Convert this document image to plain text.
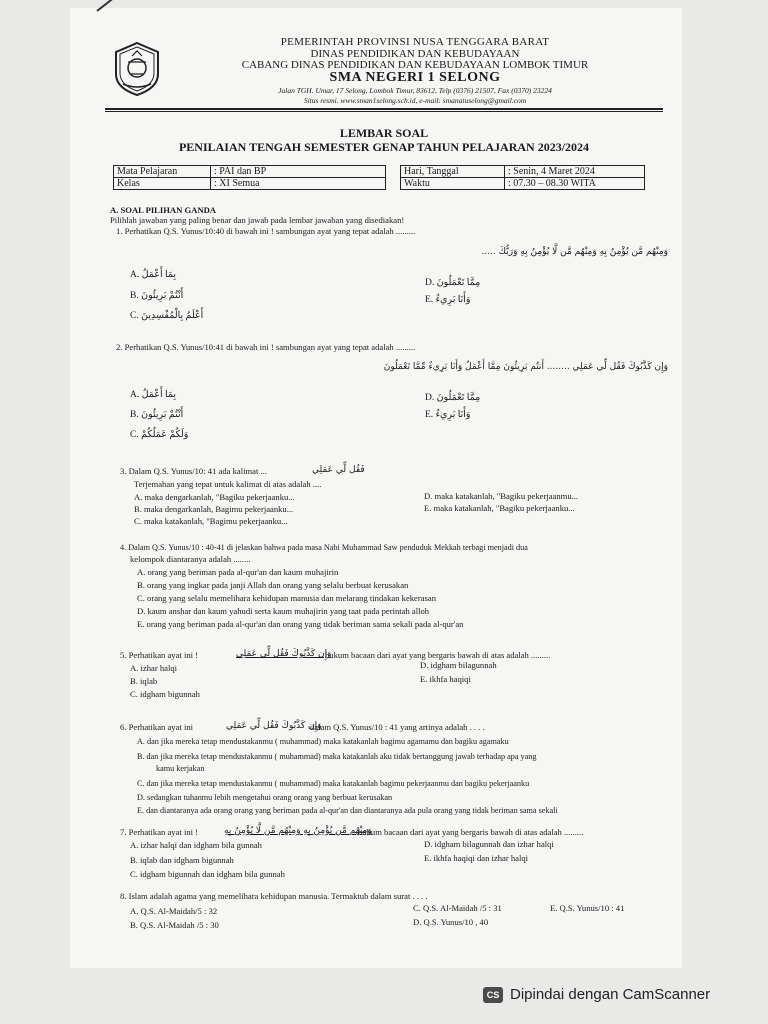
PEMERINTAH PROVINSI NUSA TENGGARA BARAT
DINAS PENDIDIKAN DAN KEBUDAYAAN
CABANG DINAS PENDIDIKAN DAN KEBUDAYAAN LOMBOK TIMUR
SMA NEGERI 1 SELONG
Jalan TGH. Umar, 17 Selong, Lombok Timur, 83612, Telp (0376) 21507, Fax (0370) 23224
Situs resmi. www.sman1selong.sch.id, e-mail: smanatuselong@gmail.com
LEMBAR SOAL
PENILAIAN TENGAH SEMESTER GENAP TAHUN PELAJARAN 2023/2024
Mata Pelajaran	: PAI dan BP
Kelas	: XI Semua
Hari, Tanggal	: Senin, 4 Maret 2024
Waktu	: 07.30 – 08.30 WITA
A. SOAL PILIHAN GANDA
Pilihlah jawaban yang paling benar dan jawab pada lembar jawaban yang disediakan!
1. Perhatikan Q.S. Yunus/10:40 di bawah ini ! sambungan ayat yang tepat adalah .........
وَمِنْهُم مَّن يُؤْمِنُ بِهِ وَمِنْهُم مَّن لَّا يُؤْمِنُ بِهِ وَرَبُّكَ .....
A. بِمَا أَعْمَلُ
B. أَنْتُمْ بَرِيئُونَ
C. أَعْلَمُ بِالْمُفْسِدِينَ
D. مِمَّا تَعْمَلُونَ
E. وَأَنَا بَرِيءٌ
2. Perhatikan Q.S. Yunus/10:41 di bawah ini ! sambungan ayat yang tepat adalah .........
وَإِن كَذَّبُوكَ فَقُل لِّي عَمَلِي ........ أَنتُم بَرِيئُونَ مِمَّا أَعْمَلُ وَأَنَا بَرِيءٌ مِّمَّا تَعْمَلُونَ
A. بِمَا أَعْمَلُ
B. أَنْتُمْ بَرِيئُونَ
C. وَلَكُمْ عَمَلُكُمْ
D. مِمَّا تَعْمَلُونَ
E. وَأَنَا بَرِيءٌ
3. Dalam Q.S. Yunus/10: 41 ada kalimat ...	فَقُل لِّي عَمَلِي
Terjemahan yang tepat untuk kalimat di atas adalah ....
A. maka dengarkanlah, "Bagiku pekerjaanku...
B. maka dengarkanlah, Bagimu pekerjaanku...
C. maka katakanlah, "Bagimu pekerjaanku...
D. maka katakanlah, "Bagiku pekerjaanmu...
E. maka katakanlah, "Bagiku pekerjaanku...
4. Dalam Q.S. Yunus/10 : 40-41 di jelaskan bahwa pada masa Nabi Muhammad Saw penduduk Mekkah terbagi menjadi dua
kelompok diantaranya adalah ........
A. orang yang beriman pada al-qur'an dan kaum muhajirin
B. orang yang ingkar pada janji Allah dan orang yang selalu berbuat kerusakan
C. orang yang selalu memelihara kehidupan manusia dan melarang tindakan kekerasan
D. kaum anshar dan kaum yahudi serta kaum muhajirin yang taat pada perintah alloh
E. orang yang beriman pada al-qur'an dan orang yang tidak beriman sama sekali pada al-qur'an
5. Perhatikan ayat ini !	وَإِن كَذَّبُوكَ فَقُل لِّي عَمَلِي
hukum bacaan dari ayat yang bergaris bawah di atas adalah .........
A. izhar halqi
B. iqlab
C. idgham bigunnah
D. idgham bilagunnah
E. ikhfa haqiqi
6. Perhatikan ayat ini	وَإِن كَذَّبُوكَ فَقُل لِّي عَمَلِي
dalam Q.S. Yunus/10 : 41 yang artinya adalah . . . .
A. dan jika mereka tetap mendustakanmu ( muhammad) maka katakanlah bagimu agamamu dan bagiku agamaku
B. dan jika mereka tetap mendustakanmu ( muhammad) maka katakanlah aku tidak bertanggung jawab terhadap apa yang
kamu kerjakan
C. dan jika mereka tetap mendustakanmu ( muhammad) maka katakanlah bagimu pekerjaanmu dan bagiku pekerjaanku
D. sedangkan tuhanmu lebih mengetahui orang orang yang berbuat kerusakan
E. dan diantaranya ada orang orang yang beriman pada al-qur'an dan diantaranya ada pula orang yang tidak beriman sama sekali
7. Perhatikan ayat ini !	وَمِنْهُم مَّن يُؤْمِنُ بِهِ وَمِنْهُم مَّن لَّا يُؤْمِنُ بِهِ
hukum bacaan dari ayat yang bergaris bawah di atas adalah .........
A. izhar halqi dan idgham bila gunnah
B. iqlab dan idgham bigunnah
C. idgham bigunnah dan idgham bila gunnah
D. idgham bilagunnah dan izhar halqi
E. ikhfa haqiqi dan izhar halqi
8. Islam adalah agama yang memelihara kehidupan manusia. Termaktub dalam surat . . . .
A. Q.S. Al-Maidah/5 : 32
B. Q.S. Al-Maidah /5 : 30
C. Q.S. Al-Maidah /5 : 31
D. Q.S. Yunus/10 , 40
E. Q.S. Yunus/10 : 41
CS Dipindai dengan CamScanner
